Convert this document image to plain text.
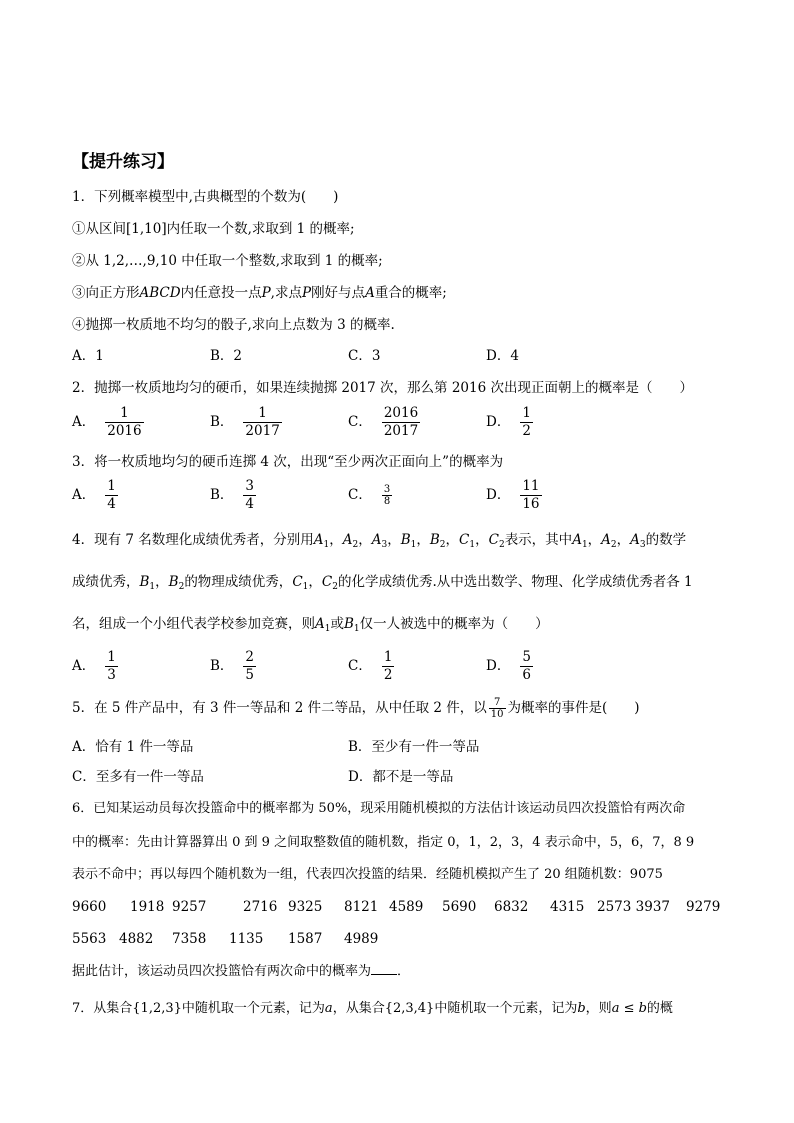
【提升练习】
1．下列概率模型中,古典概型的个数为(　　)
①从区间[1,10]内任取一个数,求取到 1 的概率;
②从 1,2,…,9,10 中任取一个整数,求取到 1 的概率;
③向正方形ABCD内任意投一点P,求点P刚好与点A重合的概率;
④抛掷一枚质地不均匀的骰子,求向上点数为 3 的概率.
A．1	B．2	C．3	D．4
2．抛掷一枚质地均匀的硬币，如果连续抛掷 2017 次，那么第 2016 次出现正面朝上的概率是（　　）
A． $\frac{1}{2016}$	B． $\frac{1}{2017}$	C． $\frac{2016}{2017}$	D． $\frac{1}{2}$
3．将一枚质地均匀的硬币连掷 4 次，出现“至少两次正面向上”的概率为
A． $\frac{1}{4}$	B． $\frac{3}{4}$	C． $\frac{3}{8}$	D． $\frac{11}{16}$
4．现有 7 名数理化成绩优秀者，分别用$A_1$，$A_2$，$A_3$，$B_1$，$B_2$，$C_1$，$C_2$表示，其中$A_1$，$A_2$，$A_3$的数学
成绩优秀，$B_1$，$B_2$的物理成绩优秀，$C_1$，$C_2$的化学成绩优秀.从中选出数学、物理、化学成绩优秀者各 1
名，组成一个小组代表学校参加竞赛，则$A_1$或$B_1$仅一人被选中的概率为（　　）
A． $\frac{1}{3}$	B． $\frac{2}{5}$	C． $\frac{1}{2}$	D． $\frac{5}{6}$
5．在 5 件产品中，有 3 件一等品和 2 件二等品，从中任取 2 件，以 $\frac{7}{10}$ 为概率的事件是(　　)
A．恰有 1 件一等品	B．至少有一件一等品
C．至多有一件一等品	D．都不是一等品
6．已知某运动员每次投篮命中的概率都为 50%，现采用随机模拟的方法估计该运动员四次投篮恰有两次命
中的概率：先由计算器算出 0 到 9 之间取整数值的随机数，指定 0，1，2，3，4 表示命中，5，6，7，8 9
表示不命中；再以每四个随机数为一组，代表四次投篮的结果．经随机模拟产生了 20 组随机数：9075
9660 1918 9257	2716 9325 8121 4589 5690 6832 4315 2573 3937 9279
5563 4882 7358 1135 1587 4989
据此估计，该运动员四次投篮恰有两次命中的概率为 ．
7．从集合{1,2,3}中随机取一个元素，记为a，从集合{2,3,4}中随机取一个元素，记为b，则a ≤ b的概
